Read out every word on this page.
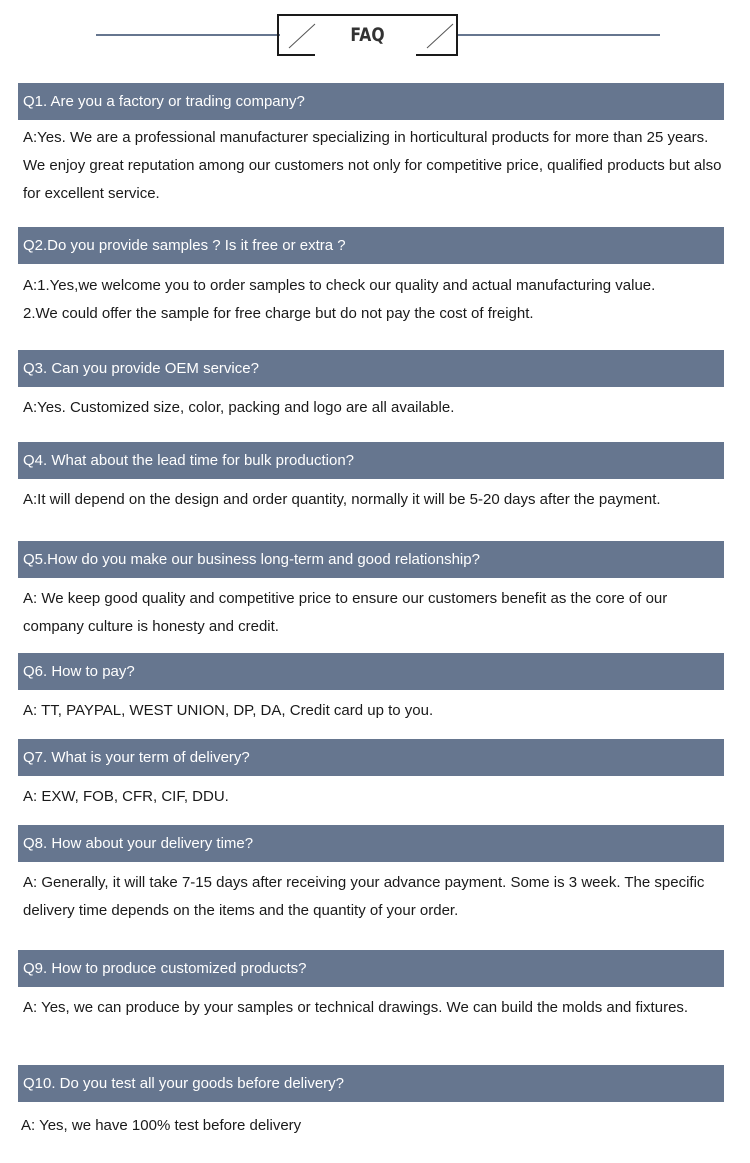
FAQ
Q1. Are you a factory or trading company?
A:Yes. We are a professional manufacturer specializing in horticultural products for more than 25 years. We enjoy great reputation among our customers not only for competitive price, qualified products but also for excellent service.
Q2.Do you provide samples ? Is it free or extra ?
A:1.Yes,we welcome you to order samples to check our quality and actual manufacturing value.
2.We could offer the sample for free charge but do not pay the cost of freight.
Q3. Can you provide OEM service?
A:Yes. Customized size, color, packing and logo are all available.
Q4. What about the lead time for bulk production?
A:It will depend on the design and order quantity, normally it will be 5-20 days after the payment.
Q5.How do you make our business long-term and good relationship?
A: We keep good quality and competitive price to ensure our customers benefit as the core of our company culture is honesty and credit.
Q6. How to pay?
A: TT, PAYPAL, WEST UNION, DP, DA, Credit card up to you.
Q7. What is your term of delivery?
A: EXW, FOB, CFR, CIF, DDU.
Q8. How about your delivery time?
A: Generally, it will take 7-15 days after receiving your advance payment. Some is 3 week. The specific delivery time depends on the items and the quantity of your order.
Q9. How to produce customized products?
A: Yes, we can produce by your samples or technical drawings. We can build the molds and fixtures.
Q10. Do you test all your goods before delivery?
A: Yes, we have 100% test before delivery
